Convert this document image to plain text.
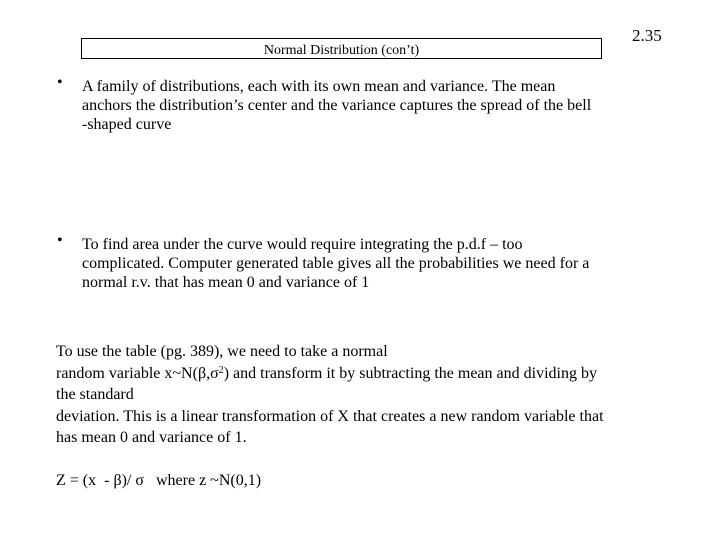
2.35
Normal Distribution (con’t)
• A family of distributions, each with its own mean and variance. The mean
anchors the distribution’s center and the variance captures the spread of the bell
-shaped curve
• To find area under the curve would require integrating the p.d.f – too
complicated. Computer generated table gives all the probabilities we need for a
normal r.v. that has mean 0 and variance of 1
To use the table (pg. 389), we need to take a normal
random variable $x\sim N(\beta,\sigma^2)$ and transform it by subtracting the mean and dividing by
the standard
deviation. This is a linear transformation of X that creates a new random variable that
has mean 0 and variance of 1.
Z = (x  - β)/ σ   where z ~N(0,1)
